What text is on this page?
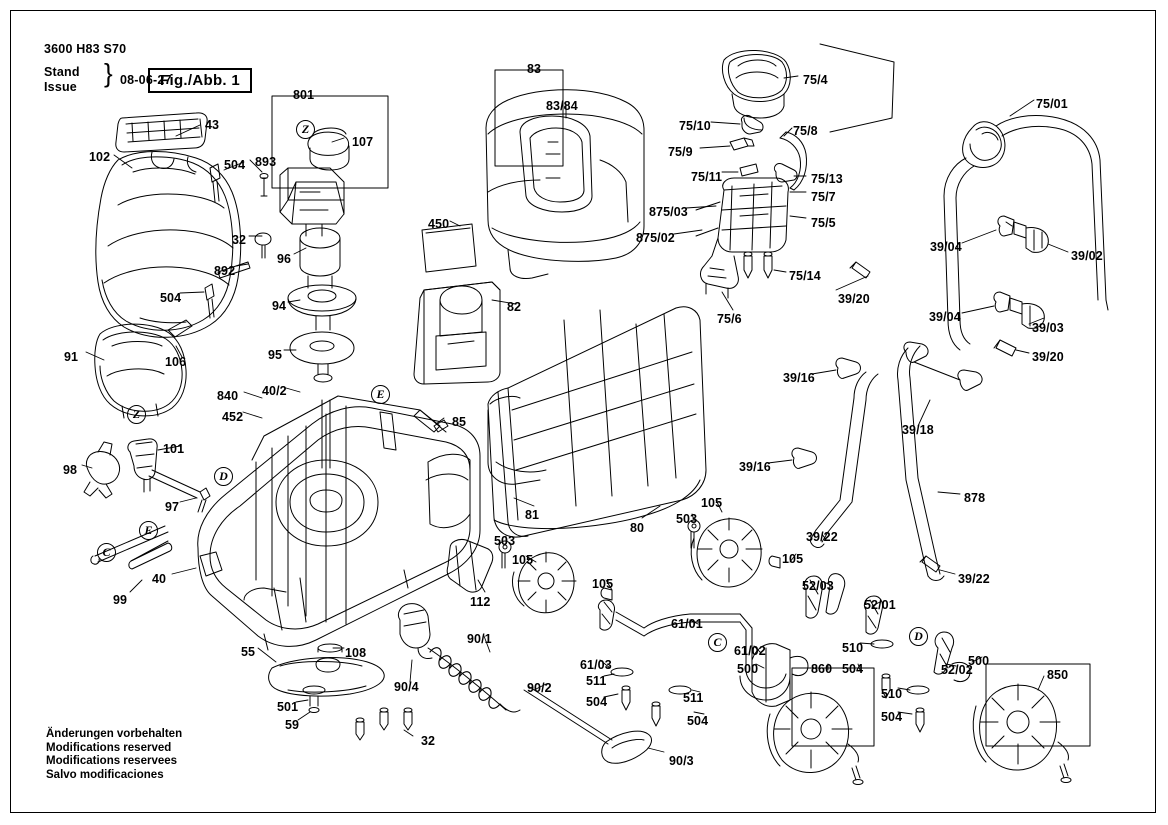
3600 H83 S70
Stand
Issue } 08-06-27
Fig./Abb. 1
Änderungen vorbehalten
Modifications reserved
Modifications reservees
Salvo modificaciones
43
102
801
Z
107
893
504
32
96
892
504
94
91	106	95
Z
840 40/2
452
E
85
98
101
D
97
E
C
40
99
450
82
83
83/84
81
80
112
503
105
105
55	108
501
59
32
90/4
90/1
90/2
90/3
61/01
61/03
511
504	511
504
C
61/02
500	860 504
105
503
105
52/03
52/01
510
D
52/02
500
850
510
504
75/4
75/10	75/8
75/9
75/11	75/13
75/7
875/03
75/5
875/02
75/14
39/20
75/6
75/01
39/04
39/02
39/04
39/03
39/20
39/16
39/18
39/16
878
39/22
39/22
